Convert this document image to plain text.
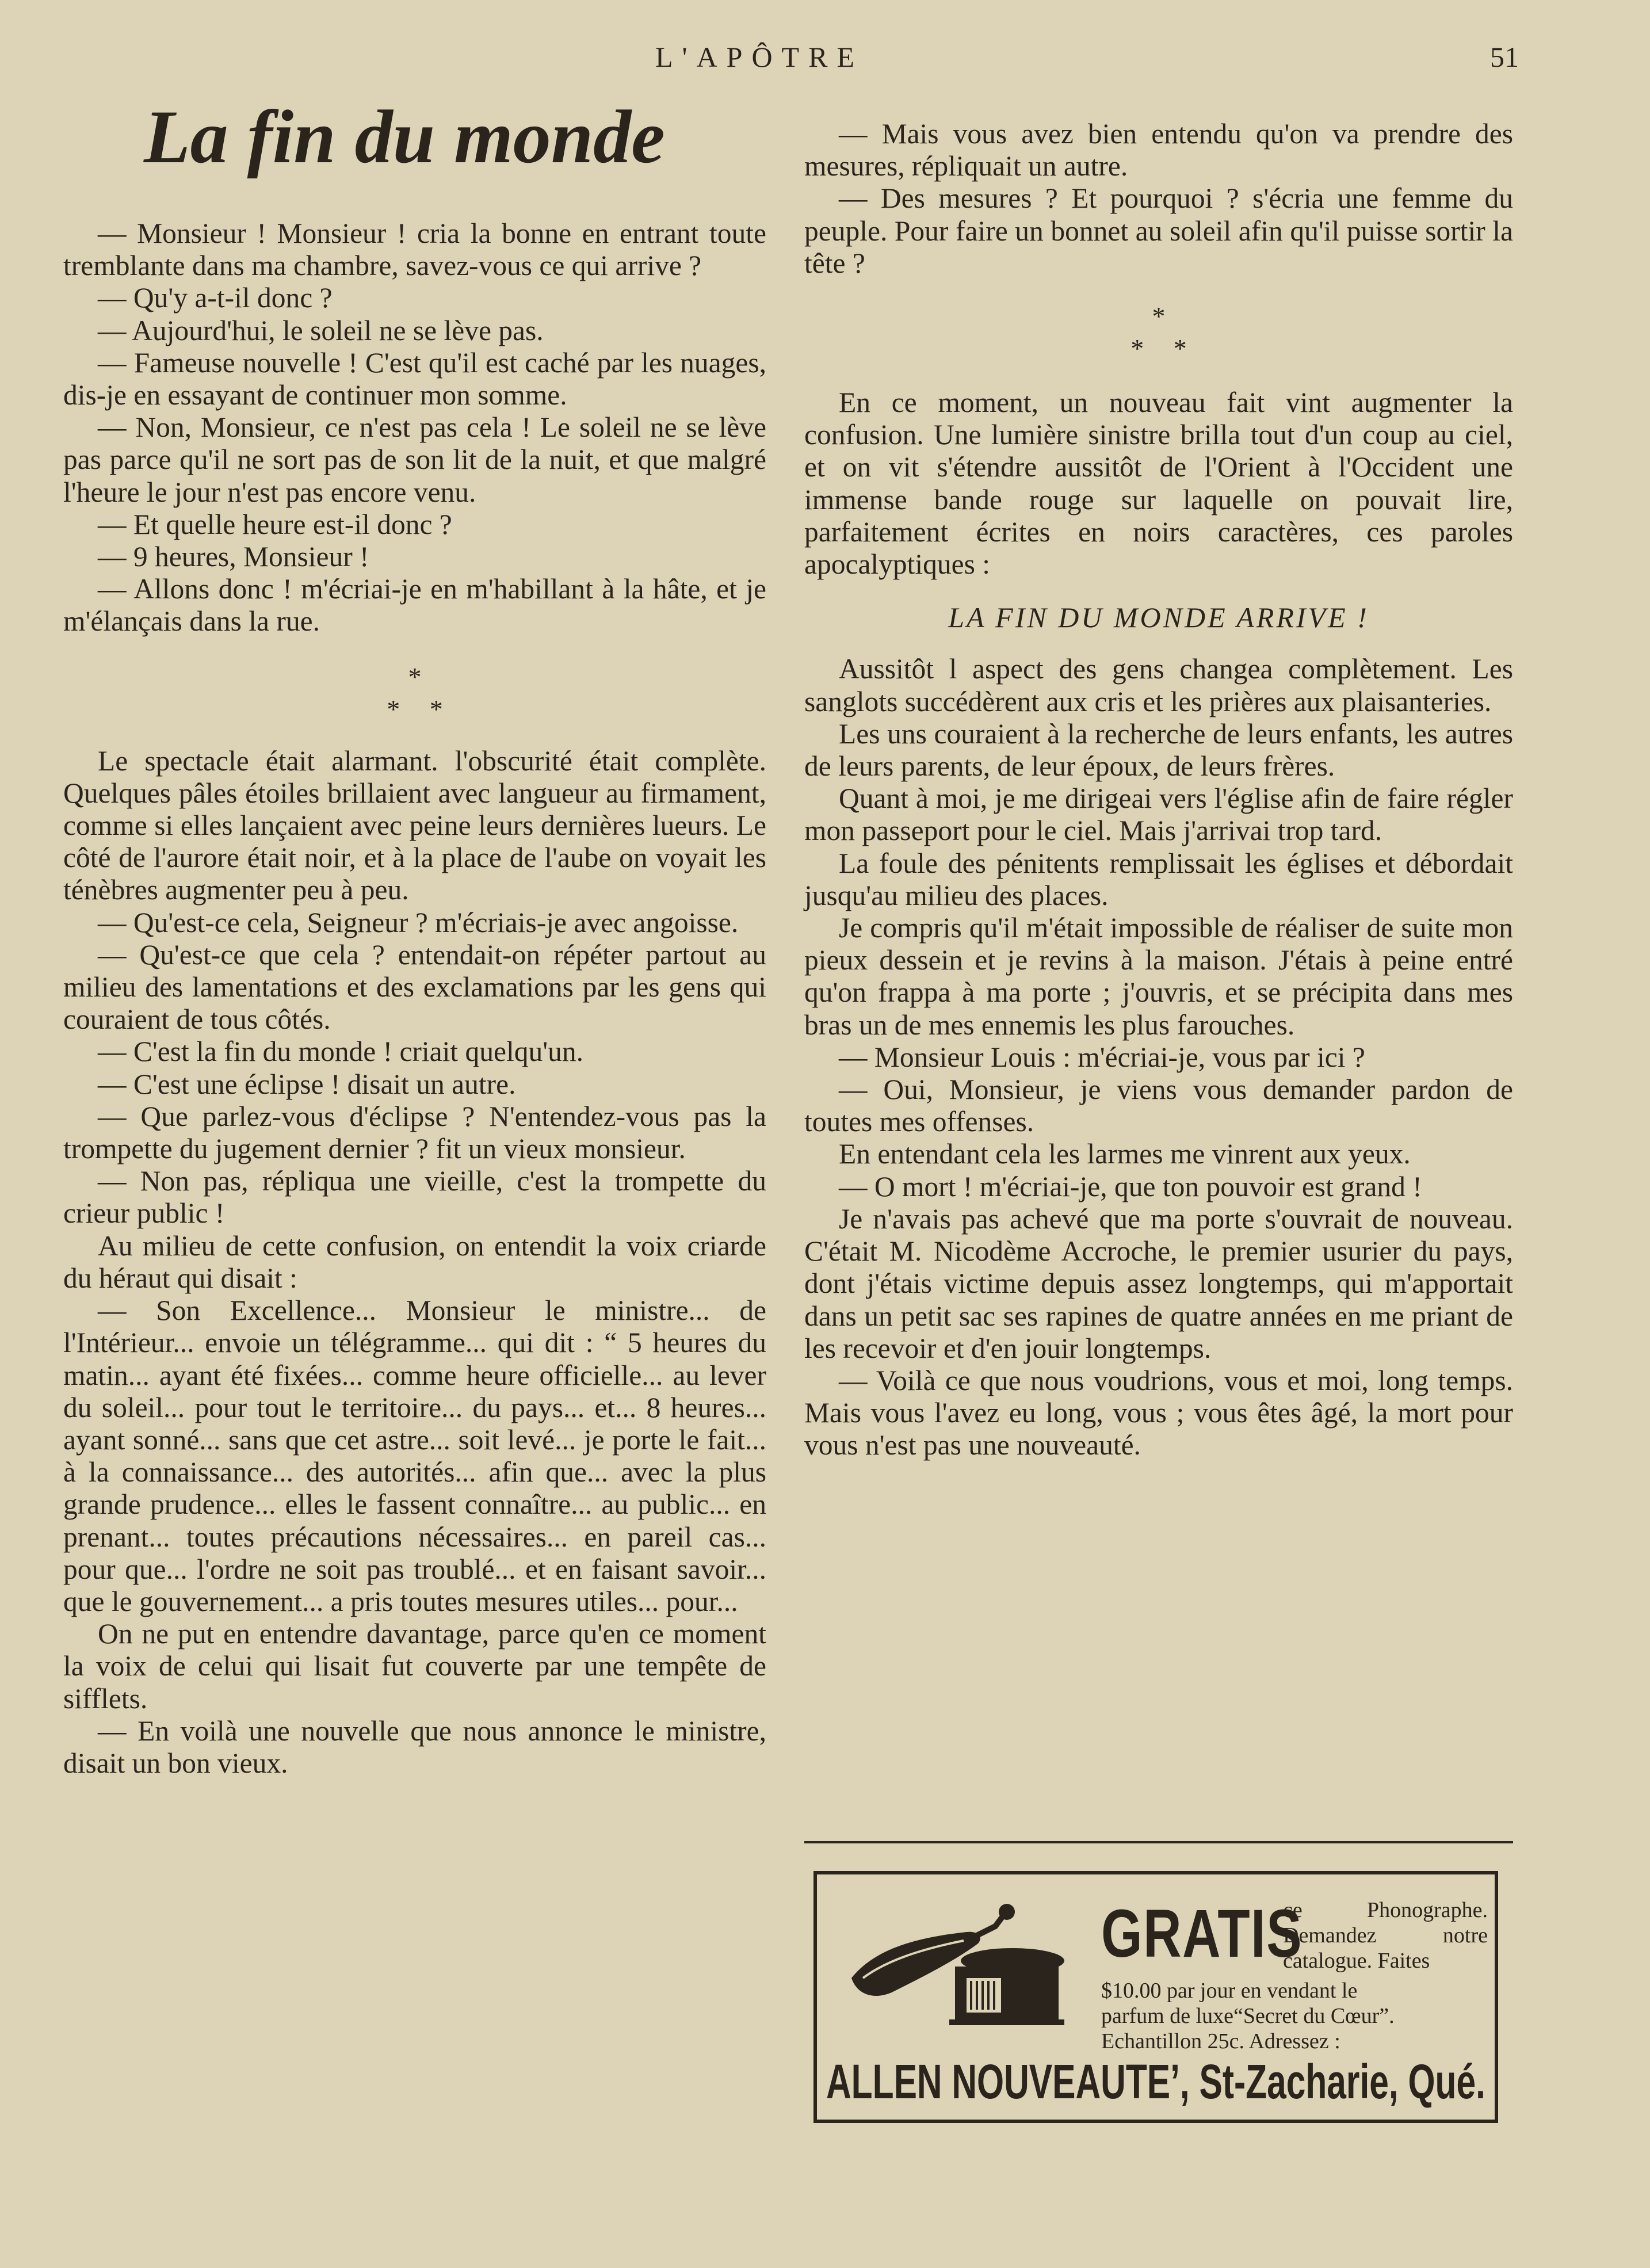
L'APÔTRE	51
La fin du monde

— Monsieur ! Monsieur ! cria la bonne en entrant toute tremblante dans ma chambre, savez-vous ce qui arrive ?

— Qu'y a-t-il donc ?

— Aujourd'hui, le soleil ne se lève pas.

— Fameuse nouvelle ! C'est qu'il est caché par les nuages, dis-je en essayant de continuer mon somme.

— Non, Monsieur, ce n'est pas cela ! Le soleil ne se lève pas parce qu'il ne sort pas de son lit de la nuit, et que malgré l'heure le jour n'est pas encore venu.

— Et quelle heure est-il donc ?

— 9 heures, Monsieur !

— Allons donc ! m'écriai-je en m'habillant à la hâte, et je m'élançais dans la rue.

*
* *

Le spectacle était alarmant. l'obscurité était complète. Quelques pâles étoiles brillaient avec langueur au firmament, comme si elles lançaient avec peine leurs dernières lueurs. Le côté de l'aurore était noir, et à la place de l'aube on voyait les ténèbres augmenter peu à peu.

— Qu'est-ce cela, Seigneur ? m'écriais-je avec angoisse.

— Qu'est-ce que cela ? entendait-on répéter partout au milieu des lamentations et des exclamations par les gens qui couraient de tous côtés.

— C'est la fin du monde ! criait quelqu'un.

— C'est une éclipse ! disait un autre.

— Que parlez-vous d'éclipse ? N'entendez-vous pas la trompette du jugement dernier ? fit un vieux monsieur.

— Non pas, répliqua une vieille, c'est la trompette du crieur public !

Au milieu de cette confusion, on entendit la voix criarde du héraut qui disait :

— Son Excellence... Monsieur le ministre... de l'Intérieur... envoie un télégramme... qui dit : “ 5 heures du matin... ayant été fixées... comme heure officielle... au lever du soleil... pour tout le territoire... du pays... et... 8 heures... ayant sonné... sans que cet astre... soit levé... je porte le fait... à la connaissance... des autorités... afin que... avec la plus grande prudence... elles le fassent connaître... au public... en prenant... toutes précautions nécessaires... en pareil cas... pour que... l'ordre ne soit pas troublé... et en faisant savoir... que le gouvernement... a pris toutes mesures utiles... pour...

On ne put en entendre davantage, parce qu'en ce moment la voix de celui qui lisait fut couverte par une tempête de sifflets.

— En voilà une nouvelle que nous annonce le ministre, disait un bon vieux.

— Mais vous avez bien entendu qu'on va prendre des mesures, répliquait un autre.

— Des mesures ? Et pourquoi ? s'écria une femme du peuple. Pour faire un bonnet au soleil afin qu'il puisse sortir la tête ?

*
* *

En ce moment, un nouveau fait vint augmenter la confusion. Une lumière sinistre brilla tout d'un coup au ciel, et on vit s'étendre aussitôt de l'Orient à l'Occident une immense bande rouge sur laquelle on pouvait lire, parfaitement écrites en noirs caractères, ces paroles apocalyptiques :

LA FIN DU MONDE ARRIVE !

Aussitôt l aspect des gens changea complètement. Les sanglots succédèrent aux cris et les prières aux plaisanteries.

Les uns couraient à la recherche de leurs enfants, les autres de leurs parents, de leur époux, de leurs frères.

Quant à moi, je me dirigeai vers l'église afin de faire régler mon passeport pour le ciel. Mais j'arrivai trop tard.

La foule des pénitents remplissait les églises et débordait jusqu'au milieu des places.

Je compris qu'il m'était impossible de réaliser de suite mon pieux dessein et je revins à la maison. J'étais à peine entré qu'on frappa à ma porte ; j'ouvris, et se précipita dans mes bras un de mes ennemis les plus farouches.

— Monsieur Louis : m'écriai-je, vous par ici ?

— Oui, Monsieur, je viens vous demander pardon de toutes mes offenses.

En entendant cela les larmes me vinrent aux yeux.

— O mort ! m'écriai-je, que ton pouvoir est grand !

Je n'avais pas achevé que ma porte s'ouvrait de nouveau. C'était M. Nicodème Accroche, le premier usurier du pays, dont j'étais victime depuis assez longtemps, qui m'apportait dans un petit sac ses rapines de quatre années en me priant de les recevoir et d'en jouir longtemps.

— Voilà ce que nous voudrions, vous et moi, long temps. Mais vous l'avez eu long, vous ; vous êtes âgé, la mort pour vous n'est pas une nouveauté.

GRATIS
ce Phonographe. Demandez notre catalogue. Faites
$10.00 par jour en vendant le
parfum de luxe“Secret du Cœur”.
Echantillon 25c. Adressez :
ALLEN NOUVEAUTEʼ, St-Zacharie, Qué.
